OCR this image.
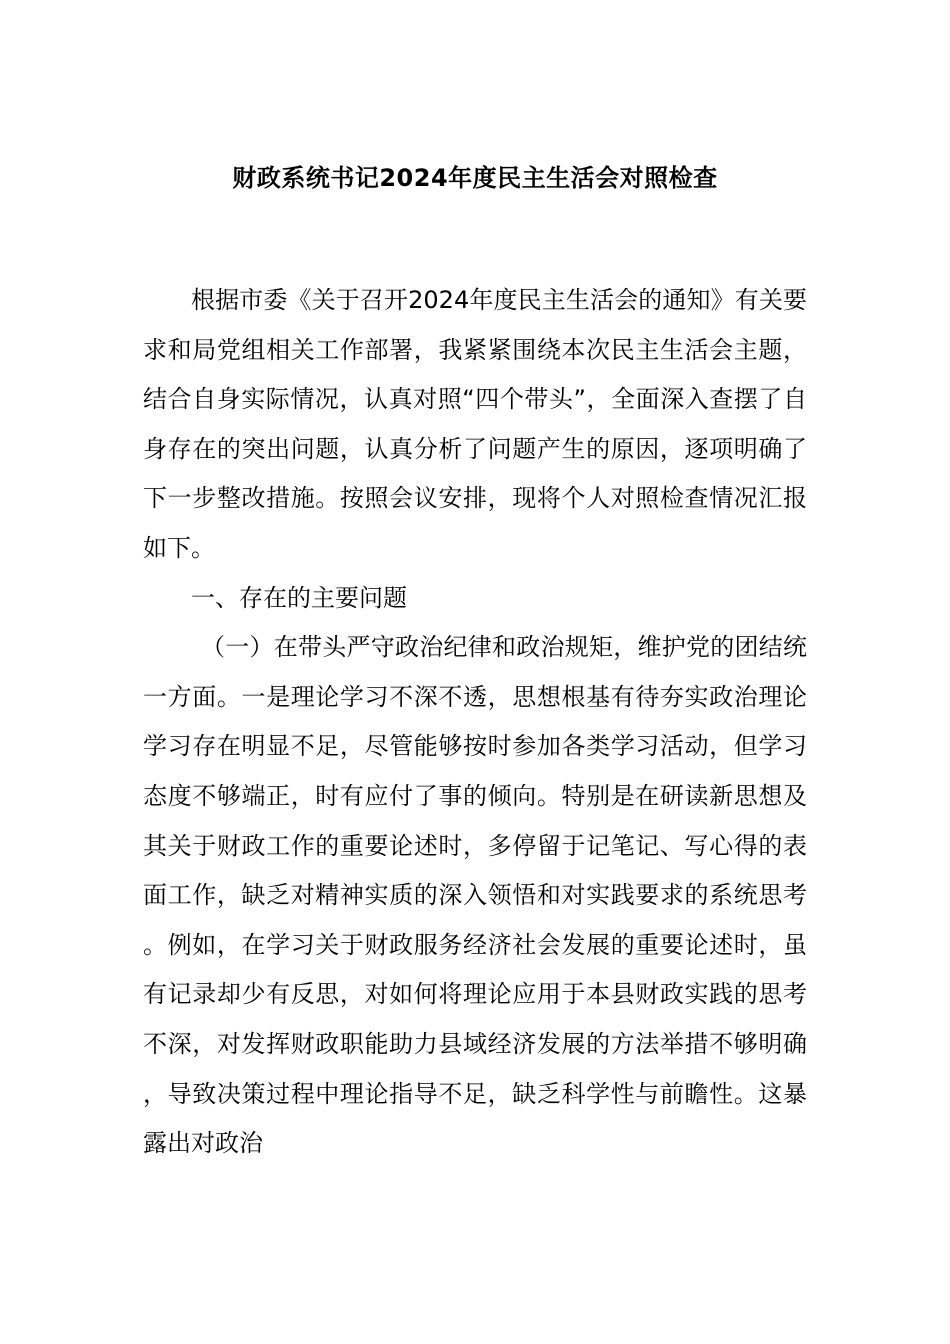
财政系统书记2024年度民主生活会对照检查

根据市委《关于召开2024年度民主生活会的通知》有关要求和局党组相关工作部署，我紧紧围绕本次民主生活会主题，结合自身实际情况，认真对照“四个带头”，全面深入查摆了自身存在的突出问题，认真分析了问题产生的原因，逐项明确了下一步整改措施。按照会议安排，现将个人对照检查情况汇报如下。

一、存在的主要问题

（一）在带头严守政治纪律和政治规矩，维护党的团结统一方面。一是理论学习不深不透，思想根基有待夯实政治理论学习存在明显不足，尽管能够按时参加各类学习活动，但学习态度不够端正，时有应付了事的倾向。特别是在研读新思想及其关于财政工作的重要论述时，多停留于记笔记、写心得的表面工作，缺乏对精神实质的深入领悟和对实践要求的系统思考。例如，在学习关于财政服务经济社会发展的重要论述时，虽有记录却少有反思，对如何将理论应用于本县财政实践的思考不深，对发挥财政职能助力县域经济发展的方法举措不够明确，导致决策过程中理论指导不足，缺乏科学性与前瞻性。这暴露出对政治
